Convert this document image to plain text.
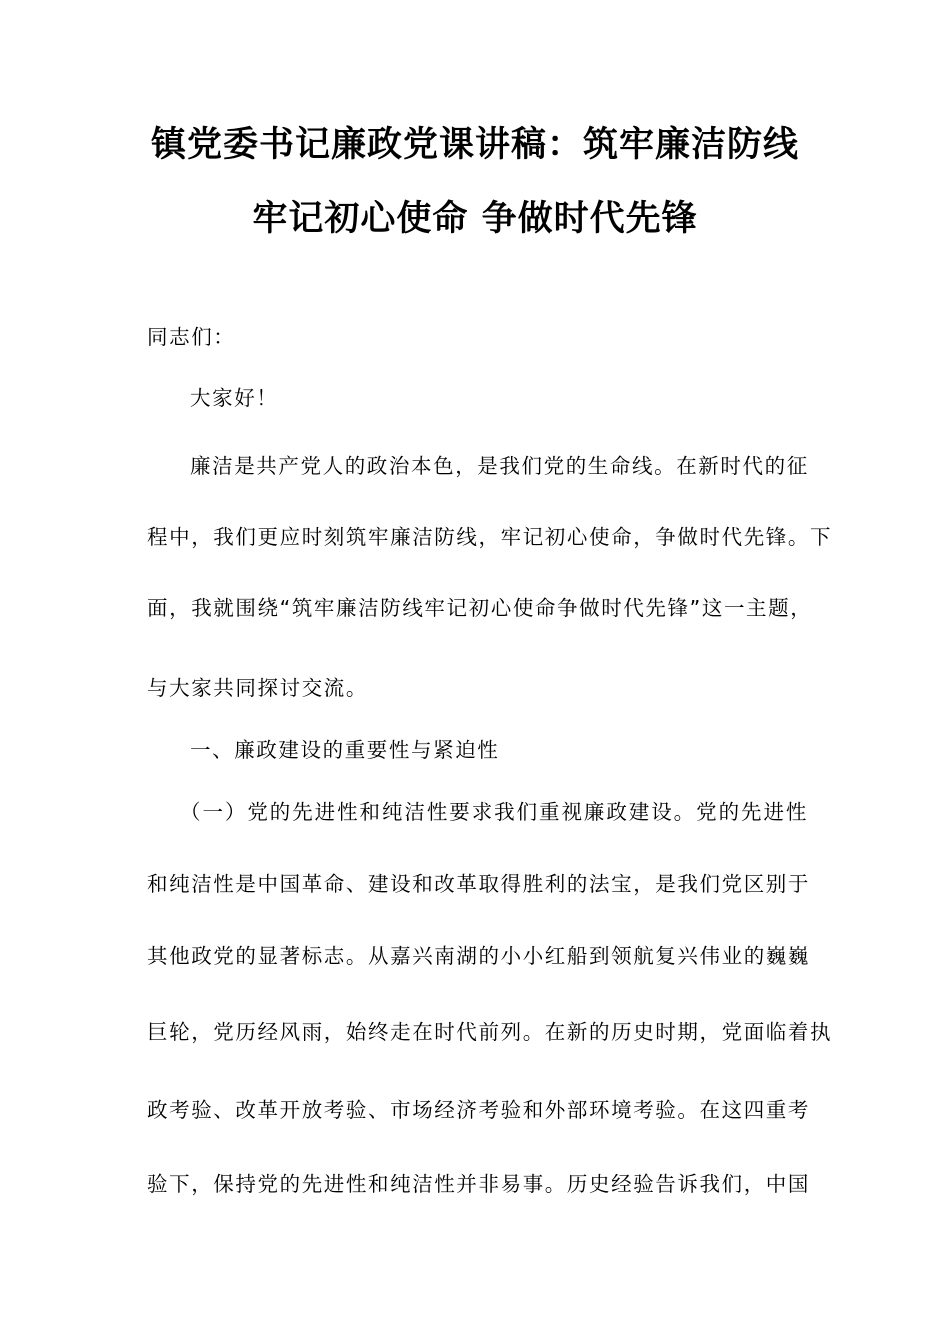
镇党委书记廉政党课讲稿：筑牢廉洁防线
牢记初心使命 争做时代先锋
同志们：
大家好！
廉洁是共产党人的政治本色，是我们党的生命线。在新时代的征
程中，我们更应时刻筑牢廉洁防线，牢记初心使命，争做时代先锋。下
面，我就围绕“筑牢廉洁防线牢记初心使命争做时代先锋”这一主题，
与大家共同探讨交流。
一、廉政建设的重要性与紧迫性
（一）党的先进性和纯洁性要求我们重视廉政建设。党的先进性
和纯洁性是中国革命、建设和改革取得胜利的法宝，是我们党区别于
其他政党的显著标志。从嘉兴南湖的小小红船到领航复兴伟业的巍巍
巨轮，党历经风雨，始终走在时代前列。在新的历史时期，党面临着执
政考验、改革开放考验、市场经济考验和外部环境考验。在这四重考
验下，保持党的先进性和纯洁性并非易事。历史经验告诉我们，中国
